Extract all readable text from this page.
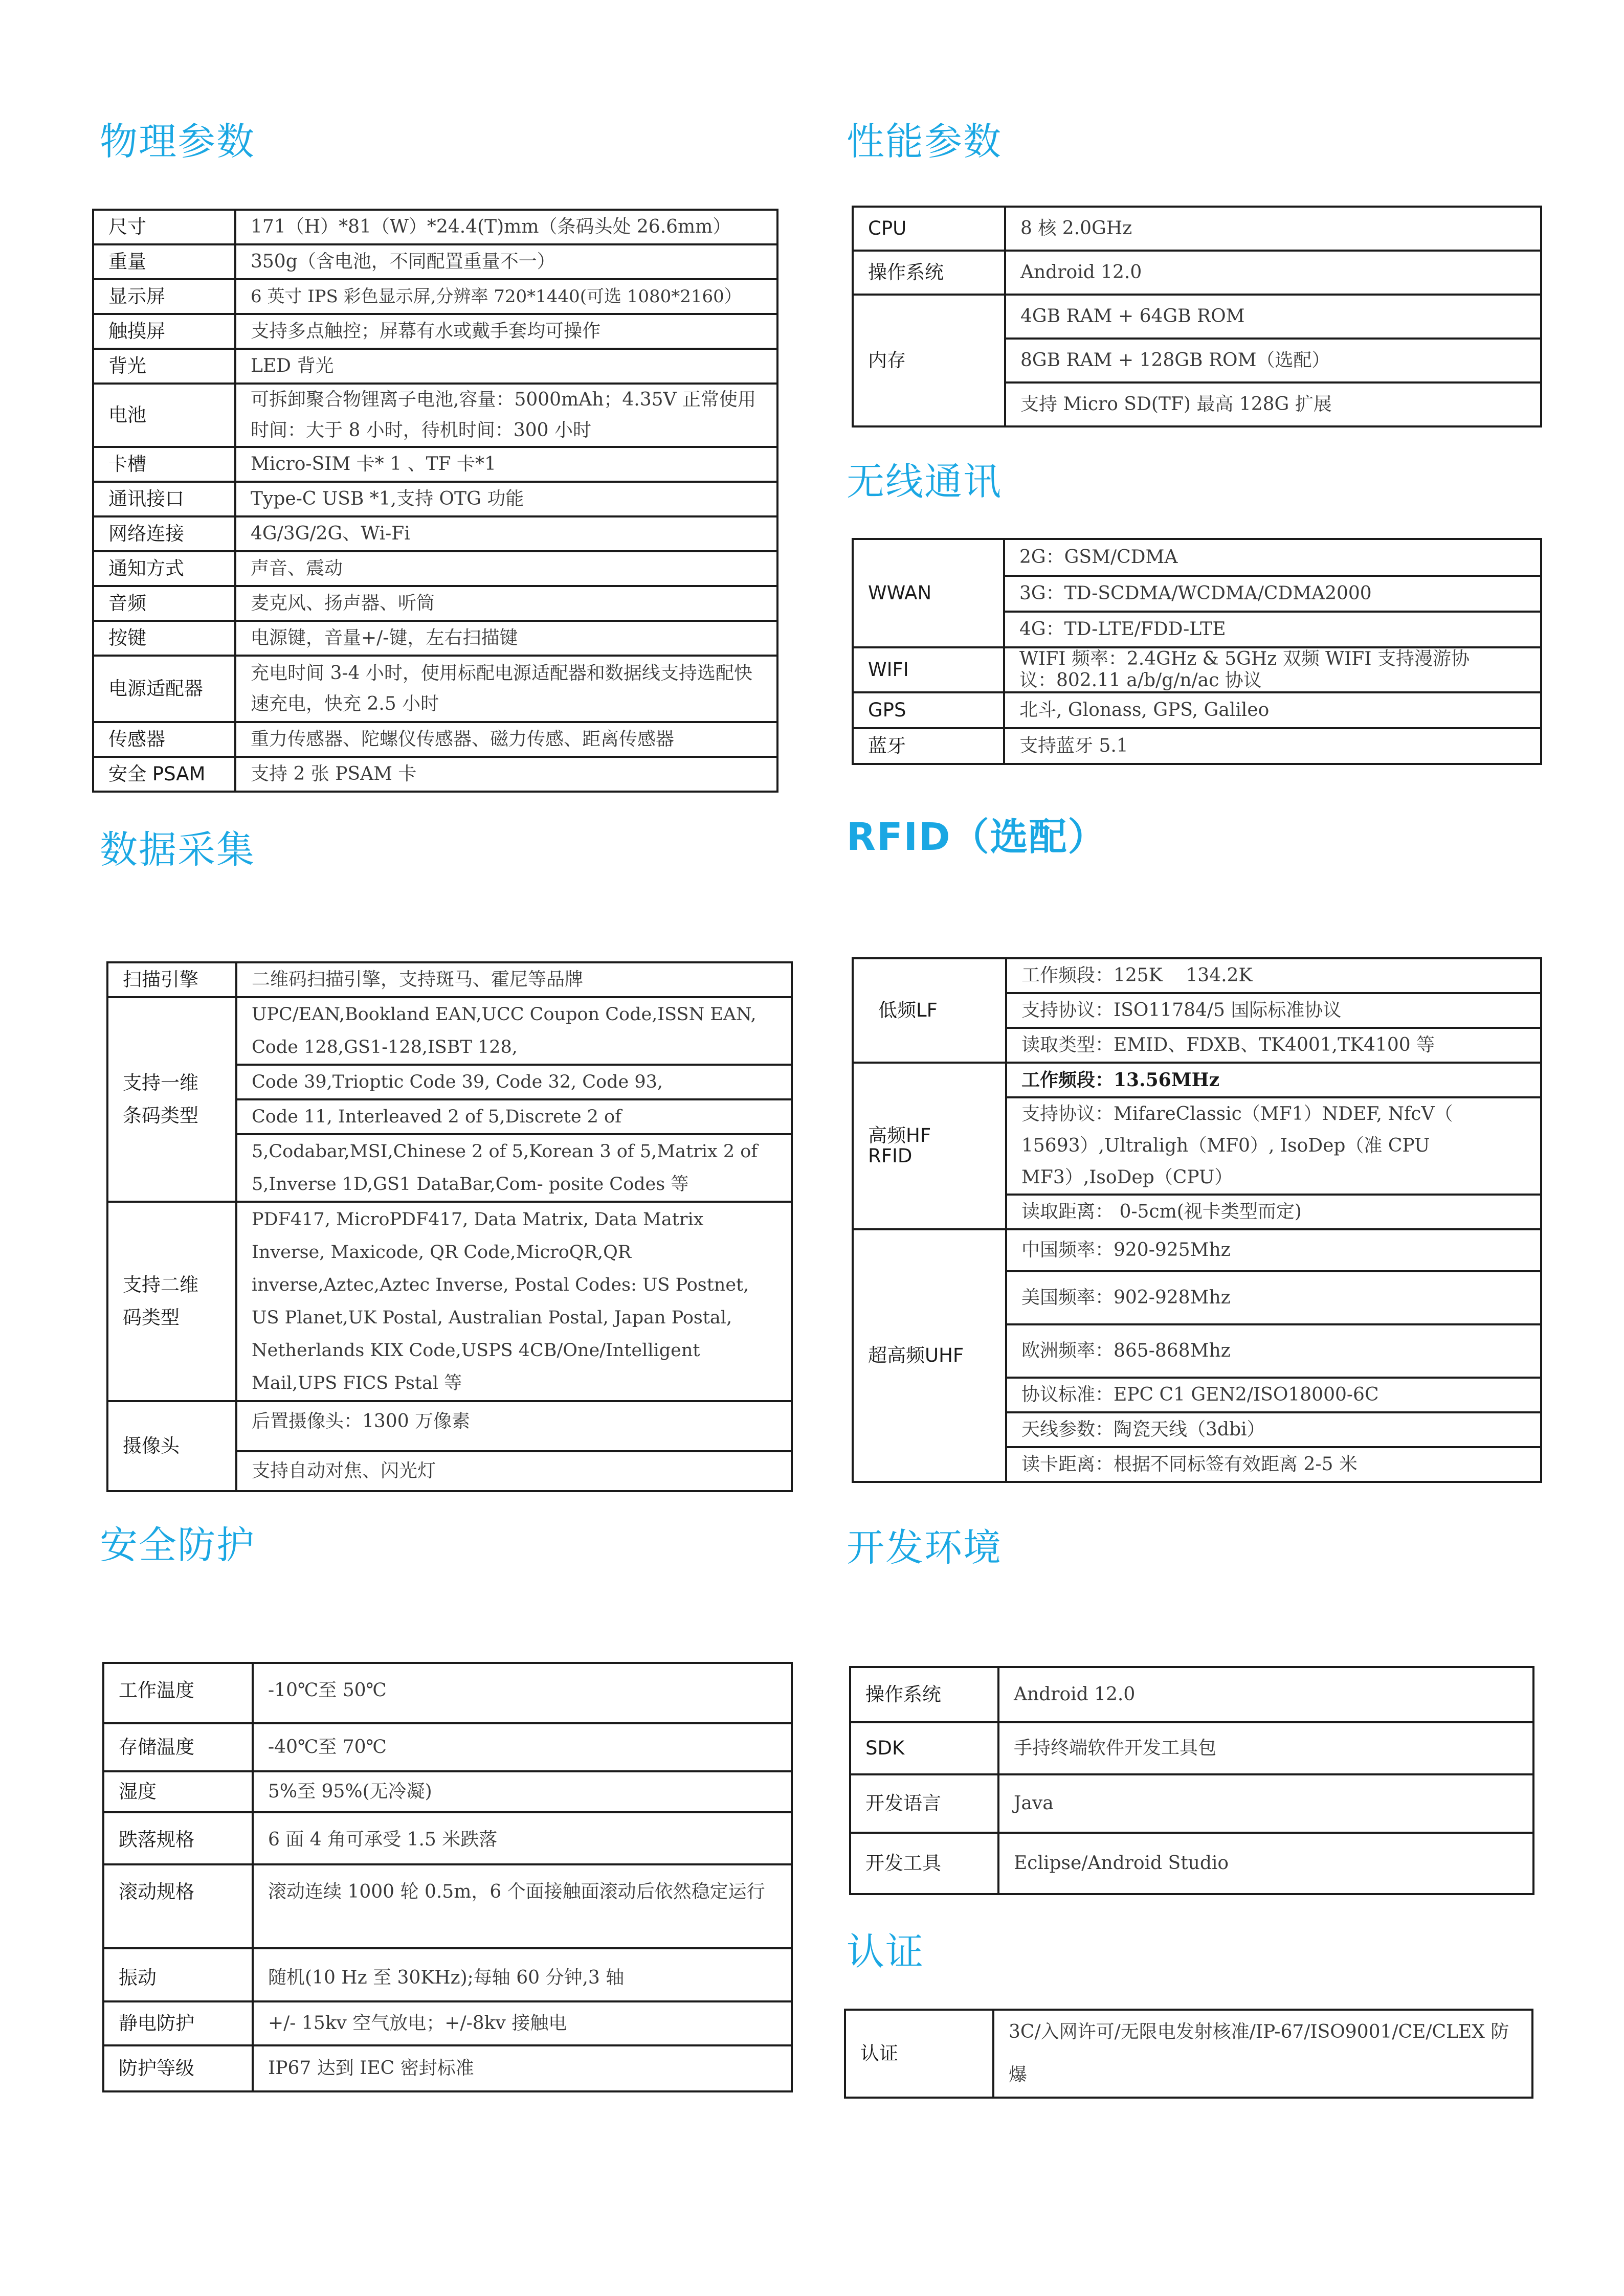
物理参数	性能参数
无线通讯
数据采集	RFID（选配）
安全防护	开发环境
认证
尺寸	171（H）*81（W）*24.4(T)mm（条码头处 26.6mm）
重量	350g（含电池，不同配置重量不一）
显示屏	6 英寸 IPS 彩色显示屏,分辨率 720*1440(可选 1080*2160）
触摸屏	支持多点触控；屏幕有水或戴手套均可操作
背光	LED 背光
电池	可拆卸聚合物锂离子电池,容量：5000mAh；4.35V 正常使用时间：大于 8 小时，待机时间：300 小时
卡槽	Micro-SIM 卡* 1 、TF 卡*1
通讯接口	Type-C USB *1,支持 OTG 功能
网络连接	4G/3G/2G、Wi-Fi
通知方式	声音、震动
音频	麦克风、扬声器、听筒
按键	电源键，音量+/-键，左右扫描键
电源适配器	充电时间 3-4 小时，使用标配电源适配器和数据线支持选配快速充电，快充 2.5 小时
传感器	重力传感器、陀螺仪传感器、磁力传感、距离传感器
安全 PSAM	支持 2 张 PSAM 卡
CPU	8 核 2.0GHz
操作系统	Android 12.0
内存	4GB RAM + 64GB ROM
	8GB RAM + 128GB ROM（选配）
	支持 Micro SD(TF) 最高 128G 扩展
WWAN	2G：GSM/CDMA
	3G：TD-SCDMA/WCDMA/CDMA2000
	4G：TD-LTE/FDD-LTE
WIFI	WIFI 频率：2.4GHz & 5GHz 双频 WIFI 支持漫游协议：802.11 a/b/g/n/ac 协议
GPS	北斗, Glonass, GPS, Galileo
蓝牙	支持蓝牙 5.1
扫描引擎	二维码扫描引擎，支持斑马、霍尼等品牌
支持一维条码类型	UPC/EAN,Bookland EAN,UCC Coupon Code,ISSN EAN, Code 128,GS1-128,ISBT 128,
	Code 39,Trioptic Code 39, Code 32, Code 93,
	Code 11, Interleaved 2 of 5,Discrete 2 of
	5,Codabar,MSI,Chinese 2 of 5,Korean 3 of 5,Matrix 2 of 5,Inverse 1D,GS1 DataBar,Com- posite Codes 等
支持二维码类型	PDF417, MicroPDF417, Data Matrix, Data Matrix Inverse, Maxicode, QR Code,MicroQR,QR inverse,Aztec,Aztec Inverse, Postal Codes: US Postnet, US Planet,UK Postal, Australian Postal, Japan Postal, Netherlands KIX Code,USPS 4CB/One/Intelligent Mail,UPS FICS Pstal 等
摄像头	后置摄像头：1300 万像素
	支持自动对焦、闪光灯
低频LF	工作频段：125K    134.2K
	支持协议：ISO11784/5 国际标准协议
	读取类型：EMID、FDXB、TK4001,TK4100 等
高频HF RFID	工作频段：13.56MHz
	支持协议：MifareClassic（MF1）NDEF, NfcV（ 15693）,Ultraligh（MF0）, IsoDep（准 CPU MF3）,IsoDep（CPU）
	读取距离： 0-5cm(视卡类型而定)
超高频UHF	中国频率：920-925Mhz
	美国频率：902-928Mhz
	欧洲频率：865-868Mhz
	协议标准：EPC C1 GEN2/ISO18000-6C
	天线参数：陶瓷天线（3dbi）
	读卡距离：根据不同标签有效距离 2-5 米
工作温度	-10℃至 50℃
存储温度	-40℃至 70℃
湿度	5%至 95%(无冷凝)
跌落规格	6 面 4 角可承受 1.5 米跌落
滚动规格	滚动连续 1000 轮 0.5m，6 个面接触面滚动后依然稳定运行
振动	随机(10 Hz 至 30KHz);每轴 60 分钟,3 轴
静电防护	+/- 15kv 空气放电；+/-8kv 接触电
防护等级	IP67 达到 IEC 密封标准
操作系统	Android 12.0
SDK	手持终端软件开发工具包
开发语言	Java
开发工具	Eclipse/Android Studio
认证	3C/入网许可/无限电发射核准/IP-67/ISO9001/CE/CLEX 防爆
